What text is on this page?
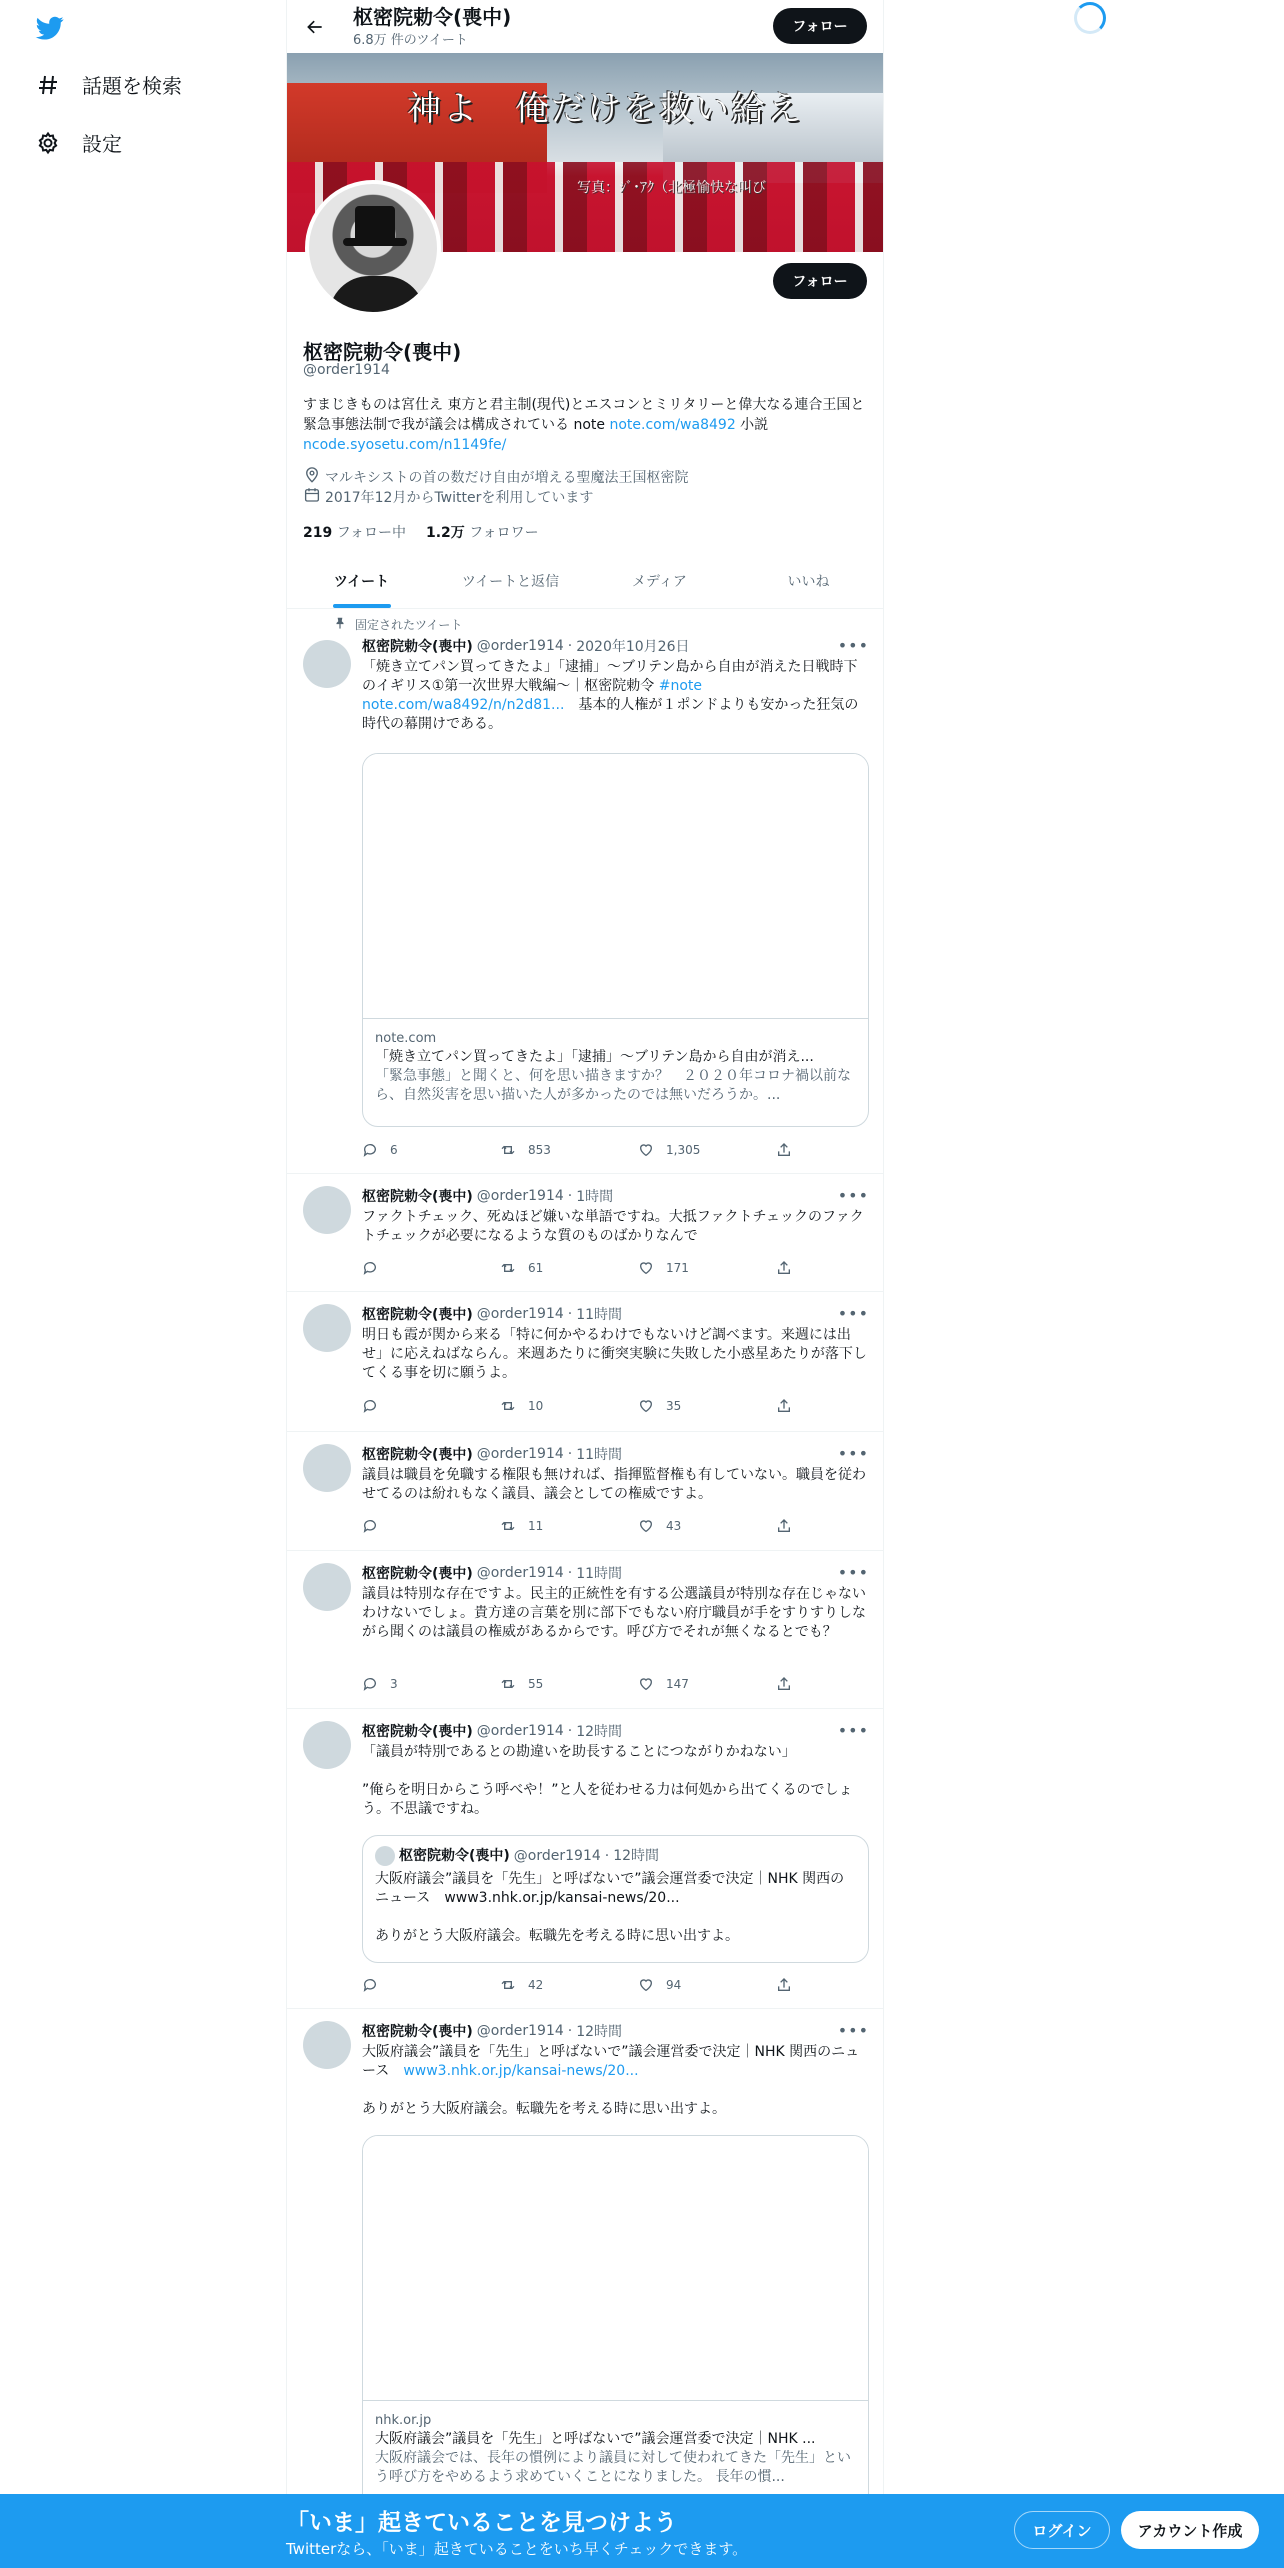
話題を検索
設定
枢密院勅令(喪中)
6.8万 件のツイート
フォロー
神よ　俺だけを救い給え
写真：ｼﾞ･ｱｸ（北極愉快な叫び
フォロー
枢密院勅令(喪中)
@order1914
すまじきものは宮仕え 東方と君主制(現代)とエスコンとミリタリーと偉大なる連合王国と緊急事態法制で我が議会は構成されている note note.com/wa8492 小説
ncode.syosetu.com/n1149fe/
マルキシストの首の数だけ自由が増える聖魔法王国枢密院
2017年12月からTwitterを利用しています
219 フォロー中 1.2万 フォロワー
ツイート	ツイートと返信	メディア	いいね
固定されたツイート
枢密院勅令(喪中) @order1914 · 2020年10月26日	•••
「焼き立てパン買ってきたよ」「逮捕」～ブリテン島から自由が消えた日戦時下のイギリス①第一次世界大戦編～｜枢密院勅令 #note
note.com/wa8492/n/n2d81...　基本的人権が１ポンドよりも安かった狂気の時代の幕開けである。
note.com
「焼き立てパン買ってきたよ」「逮捕」～ブリテン島から自由が消え...
「緊急事態」と聞くと、何を思い描きますか？　２０２０年コロナ禍以前なら、自然災害を思い描いた人が多かったのでは無いだろうか。...
6	853	1,305
枢密院勅令(喪中) @order1914 · 1時間	•••
ファクトチェック、死ぬほど嫌いな単語ですね。大抵ファクトチェックのファクトチェックが必要になるような質のものばかりなんで
61	171
枢密院勅令(喪中) @order1914 · 11時間	•••
明日も霞が関から来る「特に何かやるわけでもないけど調べます。来週には出せ」に応えねばならん。来週あたりに衝突実験に失敗した小惑星あたりが落下してくる事を切に願うよ。
10	35
枢密院勅令(喪中) @order1914 · 11時間	•••
議員は職員を免職する権限も無ければ、指揮監督権も有していない。職員を従わせてるのは紛れもなく議員、議会としての権威ですよ。
11	43
枢密院勅令(喪中) @order1914 · 11時間	•••
議員は特別な存在ですよ。民主的正統性を有する公選議員が特別な存在じゃないわけないでしょ。貴方達の言葉を別に部下でもない府庁職員が手をすりすりしながら聞くのは議員の権威があるからです。呼び方でそれが無くなるとでも？
3	55	147
枢密院勅令(喪中) @order1914 · 12時間	•••
「議員が特別であるとの勘違いを助長することにつながりかねない」
”俺らを明日からこう呼べや！”と人を従わせる力は何処から出てくるのでしょう。不思議ですね。
枢密院勅令(喪中) @order1914 · 12時間
大阪府議会”議員を「先生」と呼ばないで”議会運営委で決定｜NHK 関西のニュース　www3.nhk.or.jp/kansai-news/20...
ありがとう大阪府議会。転職先を考える時に思い出すよ。
42	94
枢密院勅令(喪中) @order1914 · 12時間	•••
大阪府議会”議員を「先生」と呼ばないで”議会運営委で決定｜NHK 関西のニュース　www3.nhk.or.jp/kansai-news/20...
ありがとう大阪府議会。転職先を考える時に思い出すよ。
nhk.or.jp
大阪府議会”議員を「先生」と呼ばないで”議会運営委で決定｜NHK ...
大阪府議会では、長年の慣例により議員に対して使われてきた「先生」という呼び方をやめるよう求めていくことになりました。 長年の慣...
「いま」起きていることを見つけよう
Twitterなら、「いま」起きていることをいち早くチェックできます。
ログイン	アカウント作成
